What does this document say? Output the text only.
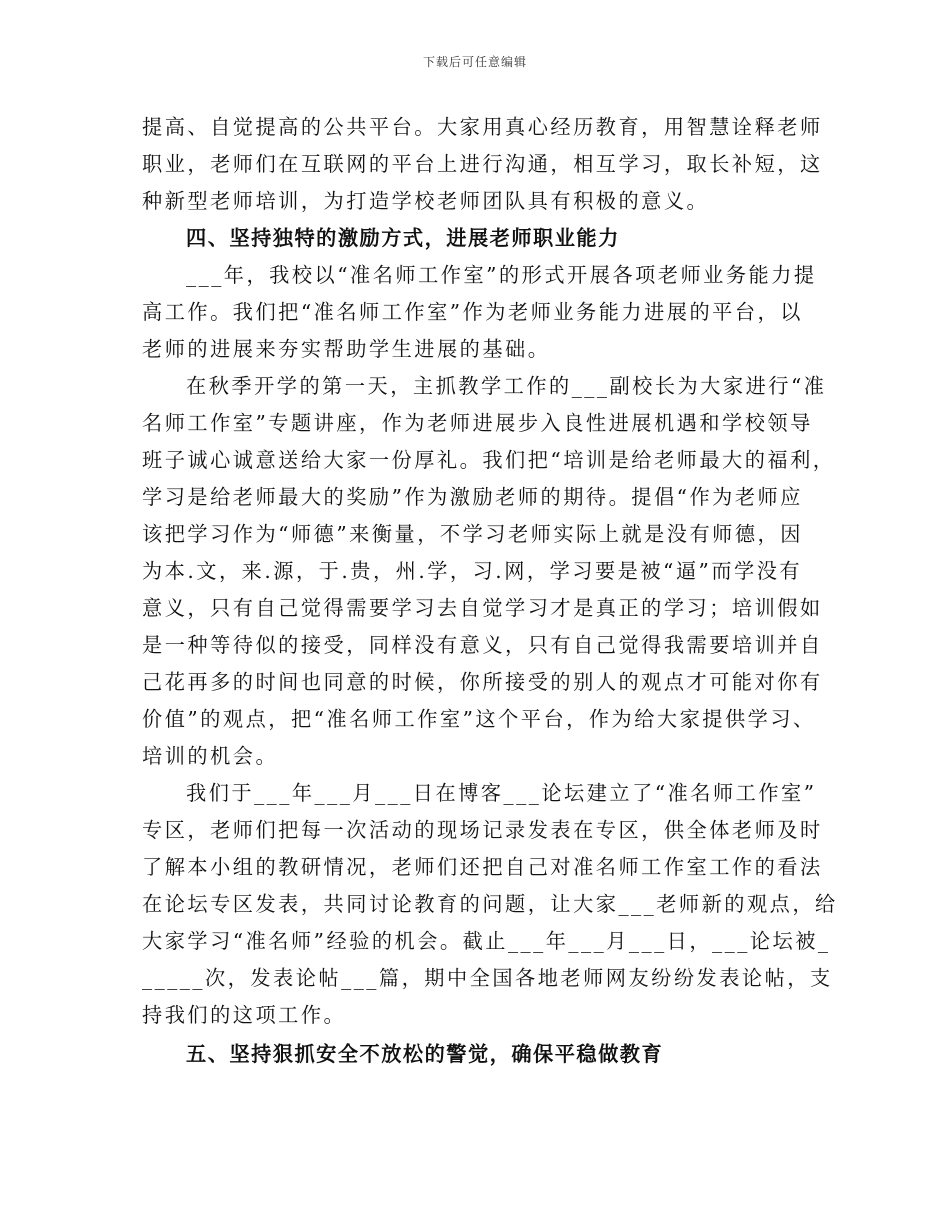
下载后可任意编辑
提高、自觉提高的公共平台。大家用真心经历教育，用智慧诠释老师
职业，老师们在互联网的平台上进行沟通，相互学习，取长补短，这
种新型老师培训，为打造学校老师团队具有积极的意义。
四、坚持独特的激励方式，进展老师职业能力
___年，我校以“准名师工作室”的形式开展各项老师业务能力提
高工作。我们把“准名师工作室”作为老师业务能力进展的平台，以
老师的进展来夯实帮助学生进展的基础。
在秋季开学的第一天，主抓教学工作的___副校长为大家进行“准
名师工作室”专题讲座，作为老师进展步入良性进展机遇和学校领导
班子诚心诚意送给大家一份厚礼。我们把“培训是给老师最大的福利，
学习是给老师最大的奖励”作为激励老师的期待。提倡“作为老师应
该把学习作为“师德”来衡量，不学习老师实际上就是没有师德，因
为本.文，来.源，于.贵，州.学，习.网，学习要是被“逼”而学没有
意义，只有自己觉得需要学习去自觉学习才是真正的学习；培训假如
是一种等待似的接受，同样没有意义，只有自己觉得我需要培训并自
己花再多的时间也同意的时候，你所接受的别人的观点才可能对你有
价值”的观点，把“准名师工作室”这个平台，作为给大家提供学习、
培训的机会。
我们于___年___月___日在博客___论坛建立了“准名师工作室”
专区，老师们把每一次活动的现场记录发表在专区，供全体老师及时
了解本小组的教研情况，老师们还把自己对准名师工作室工作的看法
在论坛专区发表，共同讨论教育的问题，让大家___老师新的观点，给
大家学习“准名师”经验的机会。截止___年___月___日，___论坛被_
_____次，发表论帖___篇，期中全国各地老师网友纷纷发表论帖，支
持我们的这项工作。
五、坚持狠抓安全不放松的警觉，确保平稳做教育
